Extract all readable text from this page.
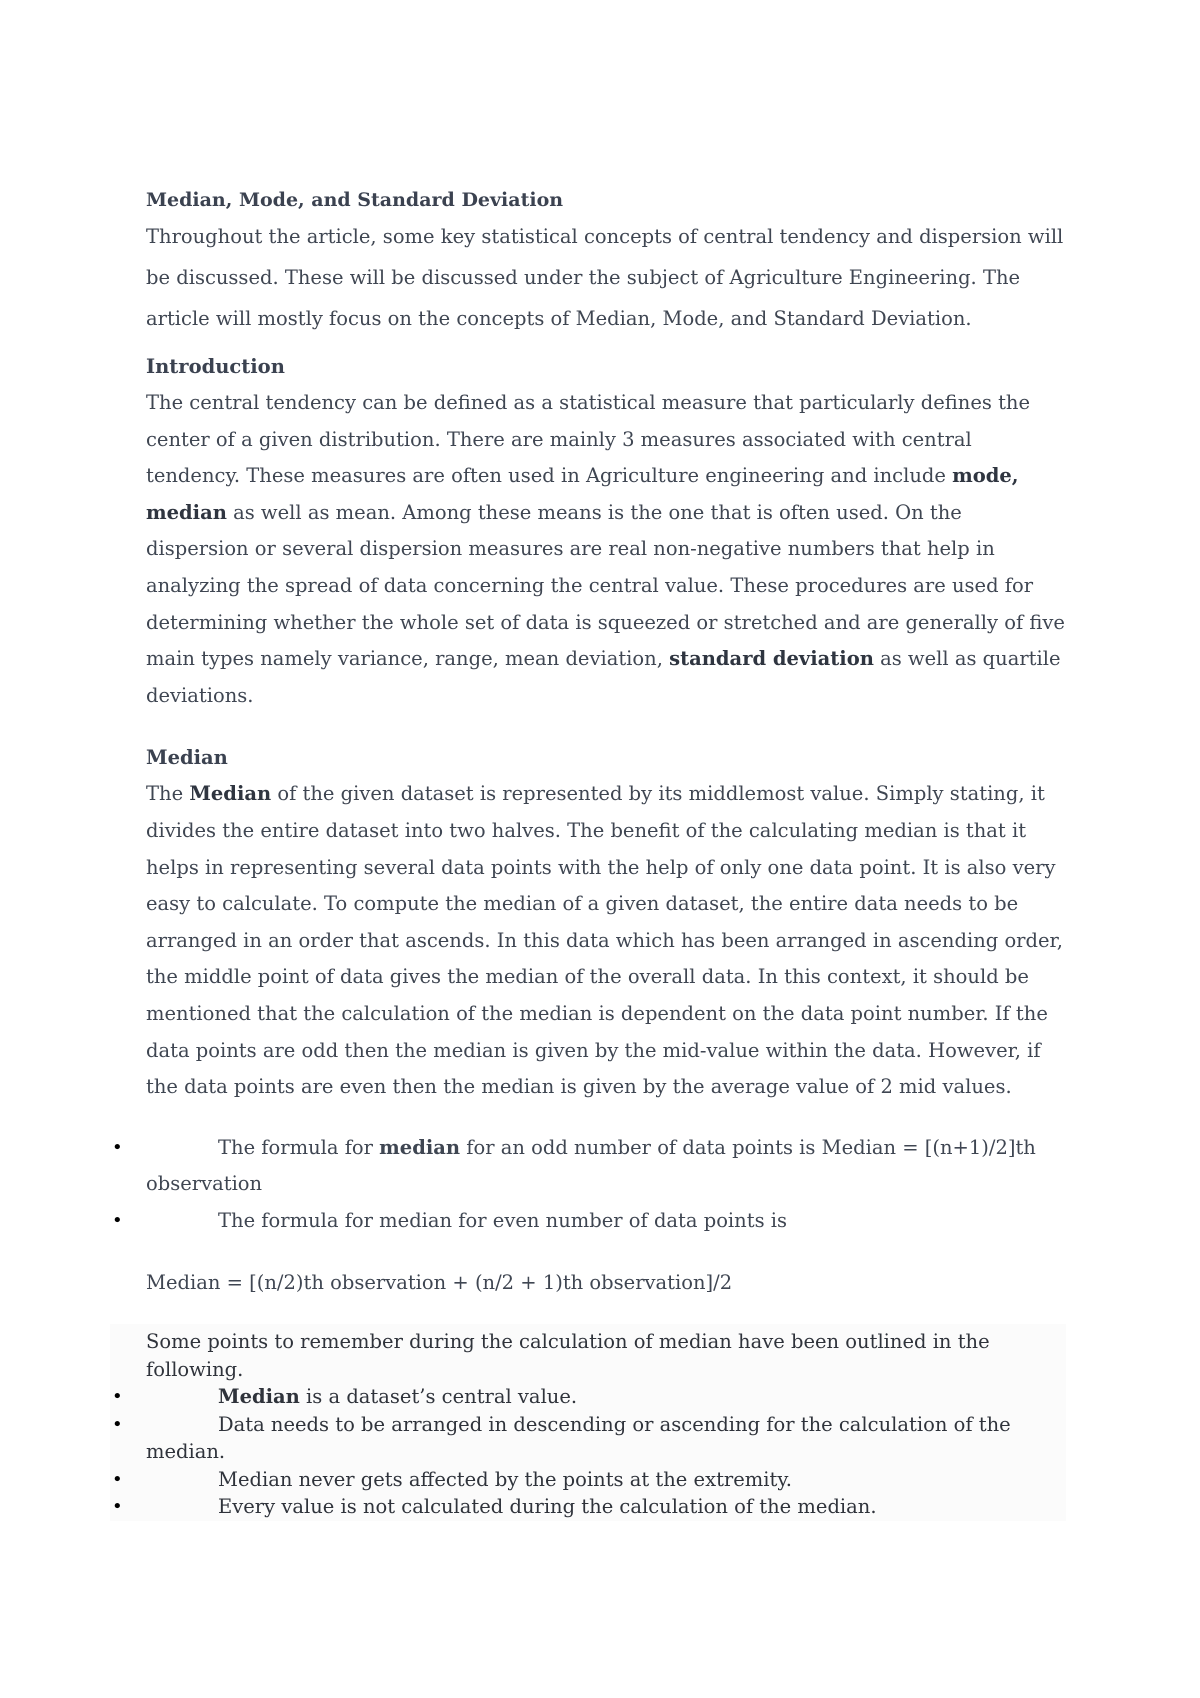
Median, Mode, and Standard Deviation

Throughout the article, some key statistical concepts of central tendency and dispersion will be discussed. These will be discussed under the subject of Agriculture Engineering. The article will mostly focus on the concepts of Median, Mode, and Standard Deviation.

Introduction

The central tendency can be defined as a statistical measure that particularly defines the center of a given distribution. There are mainly 3 measures associated with central tendency. These measures are often used in Agriculture engineering and include mode, median as well as mean. Among these means is the one that is often used. On the dispersion or several dispersion measures are real non-negative numbers that help in analyzing the spread of data concerning the central value. These procedures are used for determining whether the whole set of data is squeezed or stretched and are generally of five main types namely variance, range, mean deviation, standard deviation as well as quartile deviations.

Median

The Median of the given dataset is represented by its middlemost value. Simply stating, it divides the entire dataset into two halves. The benefit of the calculating median is that it helps in representing several data points with the help of only one data point. It is also very easy to calculate. To compute the median of a given dataset, the entire data needs to be arranged in an order that ascends. In this data which has been arranged in ascending order, the middle point of data gives the median of the overall data. In this context, it should be mentioned that the calculation of the median is dependent on the data point number. If the data points are odd then the median is given by the mid-value within the data. However, if the data points are even then the median is given by the average value of 2 mid values.

•	The formula for median for an odd number of data points is Median = [(n+1)/2]th observation
•	The formula for median for even number of data points is

Median = [(n/2)th observation + (n/2 + 1)th observation]/2

Some points to remember during the calculation of median have been outlined in the following.

•	Median is a dataset’s central value.
•	Data needs to be arranged in descending or ascending for the calculation of the median.
•	Median never gets affected by the points at the extremity.
•	Every value is not calculated during the calculation of the median.
